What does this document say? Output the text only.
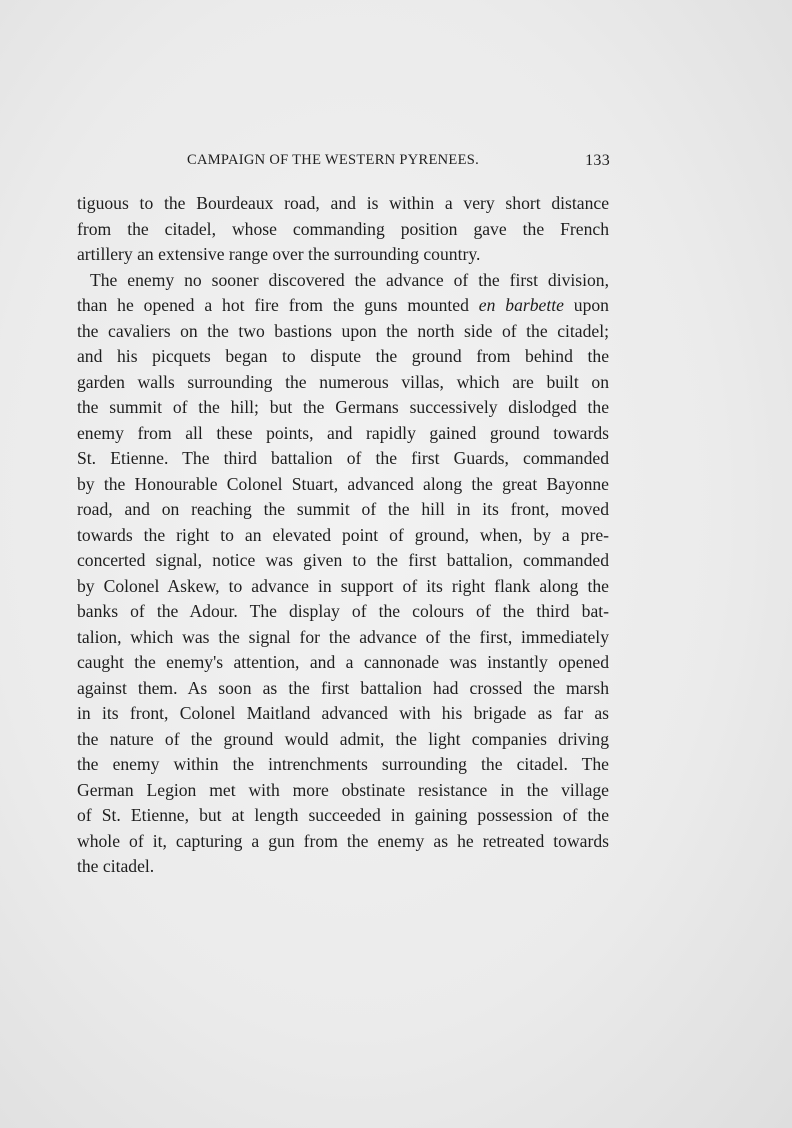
CAMPAIGN OF THE WESTERN PYRENEES.	133
tiguous to the Bourdeaux road, and is within a very short distance
from the citadel, whose commanding position gave the French
artillery an extensive range over the surrounding country.
The enemy no sooner discovered the advance of the first division,
than he opened a hot fire from the guns mounted en barbette upon
the cavaliers on the two bastions upon the north side of the citadel;
and his picquets began to dispute the ground from behind the
garden walls surrounding the numerous villas, which are built on
the summit of the hill; but the Germans successively dislodged the
enemy from all these points, and rapidly gained ground towards
St. Etienne. The third battalion of the first Guards, commanded
by the Honourable Colonel Stuart, advanced along the great Bayonne
road, and on reaching the summit of the hill in its front, moved
towards the right to an elevated point of ground, when, by a pre-
concerted signal, notice was given to the first battalion, commanded
by Colonel Askew, to advance in support of its right flank along the
banks of the Adour. The display of the colours of the third bat-
talion, which was the signal for the advance of the first, immediately
caught the enemy's attention, and a cannonade was instantly opened
against them. As soon as the first battalion had crossed the marsh
in its front, Colonel Maitland advanced with his brigade as far as
the nature of the ground would admit, the light companies driving
the enemy within the intrenchments surrounding the citadel. The
German Legion met with more obstinate resistance in the village
of St. Etienne, but at length succeeded in gaining possession of the
whole of it, capturing a gun from the enemy as he retreated towards
the citadel.
